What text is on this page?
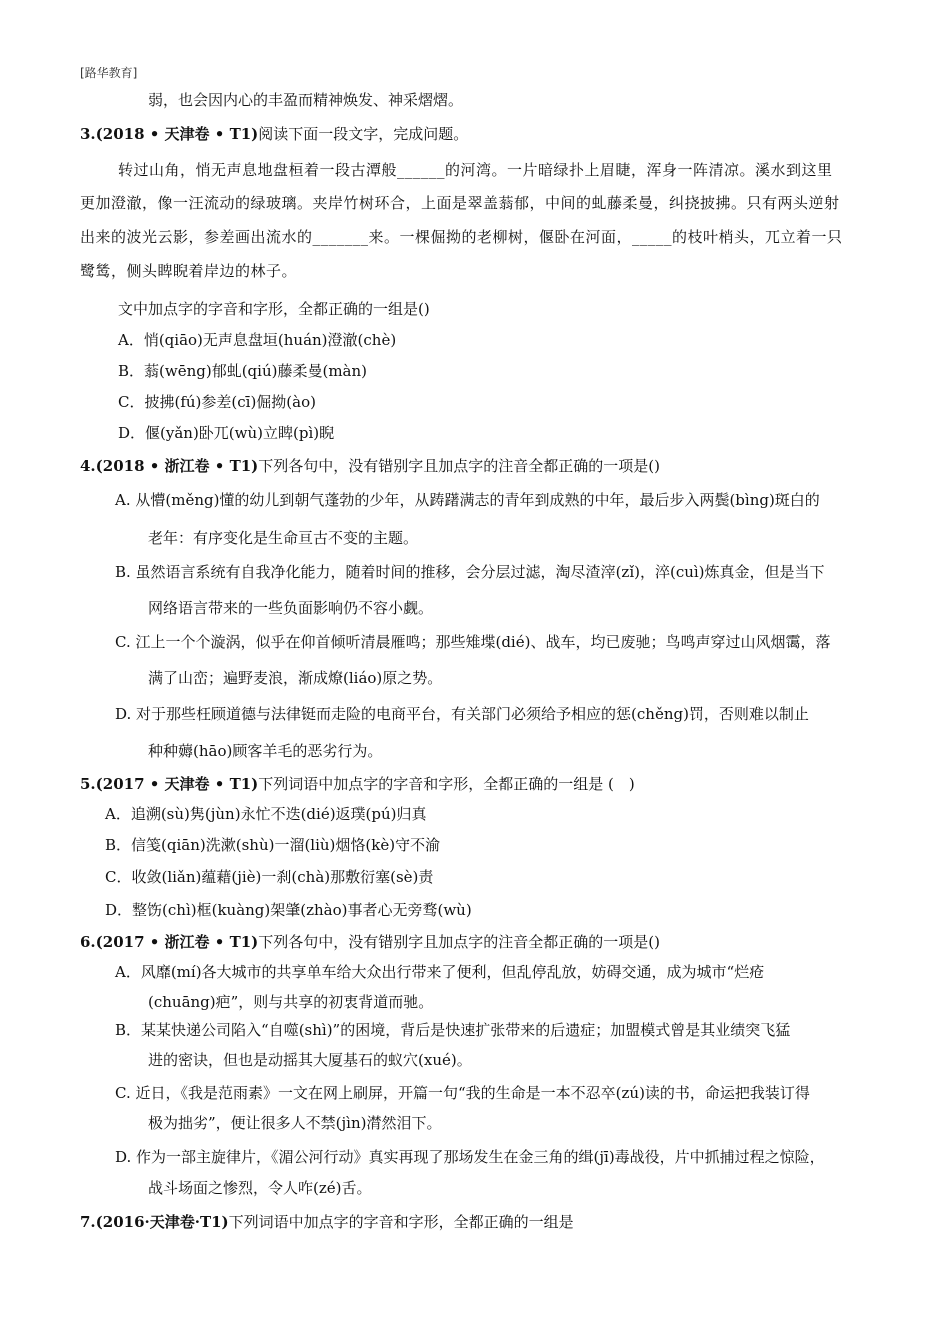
[路华教育]
弱，也会因内心的丰盈而精神焕发、神采熠熠。
3.(2018 • 天津卷 • T1)阅读下面一段文字，完成问题。
转过山角，悄无声息地盘桓着一段古潭般______的河湾。一片暗绿扑上眉睫，浑身一阵清凉。溪水到这里
更加澄澈，像一汪流动的绿玻璃。夹岸竹树环合，上面是翠盖蓊郁，中间的虬藤柔曼，纠挠披拂。只有两头逆射
出来的波光云影，参差画出流水的_______来。一棵倔拗的老柳树，偃卧在河面，_____的枝叶梢头，兀立着一只
鹭鸶，侧头睥睨着岸边的林子。
文中加点字的字音和字形，全都正确的一组是()
A．悄(qiāo)无声息盘垣(huán)澄澈(chè)
B．蓊(wēng)郁虬(qiú)藤柔曼(màn)
C．披拂(fú)参差(cī)倔拗(ào)
D．偃(yǎn)卧兀(wù)立睥(pì)睨
4.(2018 • 浙江卷 • T1)下列各句中，没有错别字且加点字的注音全都正确的一项是()
A. 从懵(měng)懂的幼儿到朝气蓬勃的少年，从踌躇满志的青年到成熟的中年，最后步入两鬓(bìng)斑白的
老年：有序变化是生命亘古不变的主题。
B. 虽然语言系统有自我净化能力，随着时间的推移，会分层过滤，淘尽渣滓(zǐ)，淬(cuì)炼真金，但是当下
网络语言带来的一些负面影响仍不容小觑。
C. 江上一个个漩涡，似乎在仰首倾听清晨雁鸣；那些雉堞(dié)、战车，均已废驰；鸟鸣声穿过山风烟霭，落
满了山峦；遍野麦浪，渐成燎(liáo)原之势。
D. 对于那些枉顾道德与法律铤而走险的电商平台，有关部门必须给予相应的惩(chěng)罚，否则难以制止
种种薅(hāo)顾客羊毛的恶劣行为。
5.(2017 • 天津卷 • T1)下列词语中加点字的字音和字形，全都正确的一组是 (　)
A．追溯(sù)隽(jùn)永忙不迭(dié)返璞(pú)归真
B．信笺(qiān)洗漱(shù)一溜(liù)烟恪(kè)守不渝
C．收敛(liǎn)蕴藉(jiè)一刹(chà)那敷衍塞(sè)责
D．整饬(chì)框(kuàng)架肇(zhào)事者心无旁骛(wù)
6.(2017 • 浙江卷 • T1)下列各句中，没有错别字且加点字的注音全都正确的一项是()
A．风靡(mí)各大城市的共享单车给大众出行带来了便利，但乱停乱放，妨碍交通，成为城市“烂疮
(chuāng)疤”，则与共享的初衷背道而驰。
B．某某快递公司陷入“自噬(shì)”的困境，背后是快速扩张带来的后遗症；加盟模式曾是其业绩突飞猛
进的密诀，但也是动摇其大厦基石的蚁穴(xué)。
C. 近日，《我是范雨素》一文在网上刷屏，开篇一句“我的生命是一本不忍卒(zú)读的书，命运把我装订得
极为拙劣”，便让很多人不禁(jìn)潸然泪下。
D. 作为一部主旋律片，《湄公河行动》真实再现了那场发生在金三角的缉(jī)毒战役，片中抓捕过程之惊险，
战斗场面之惨烈，令人咋(zé)舌。
7.(2016·天津卷·T1)下列词语中加点字的字音和字形，全都正确的一组是
